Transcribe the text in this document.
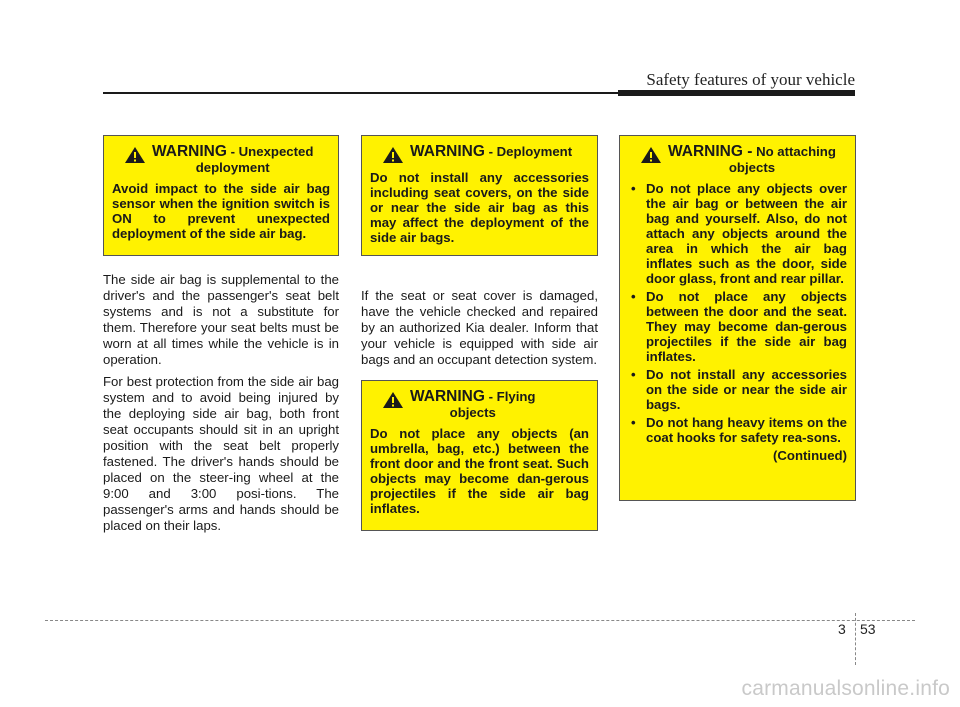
Safety features of your vehicle
WARNING - Unexpected
deployment
Avoid impact to the side air bag sensor when the ignition switch is ON to prevent unexpected deployment of the side air bag.
WARNING - Deployment
Do not install any accessories including seat covers, on the side or near the side air bag as this may affect the deployment of the side air bags.
WARNING - No attaching
objects
• Do not place any objects over the air bag or between the air bag and yourself. Also, do not attach any objects around the area in which the air bag inflates such as the door, side door glass, front and rear pillar.
• Do not place any objects between the door and the seat. They may become dan-gerous projectiles if the side air bag inflates.
• Do not install any accessories on the side or near the side air bags.
• Do not hang heavy items on the coat hooks for safety rea-sons.
(Continued)

The side air bag is supplemental to the driver's and the passenger's seat belt systems and is not a substitute for them. Therefore your seat belts must be worn at all times while the vehicle is in operation.

For best protection from the side air bag system and to avoid being injured by the deploying side air bag, both front seat occupants should sit in an upright position with the seat belt properly fastened. The driver's hands should be placed on the steer-ing wheel at the 9:00 and 3:00 posi-tions. The passenger's arms and hands should be placed on their laps.

If the seat or seat cover is damaged, have the vehicle checked and repaired by an authorized Kia dealer. Inform that your vehicle is equipped with side air bags and an occupant detection system.

WARNING - Flying
objects
Do not place any objects (an umbrella, bag, etc.) between the front door and the front seat. Such objects may become dan-gerous projectiles if the side air bag inflates.
3 53
carmanualsonline.info
